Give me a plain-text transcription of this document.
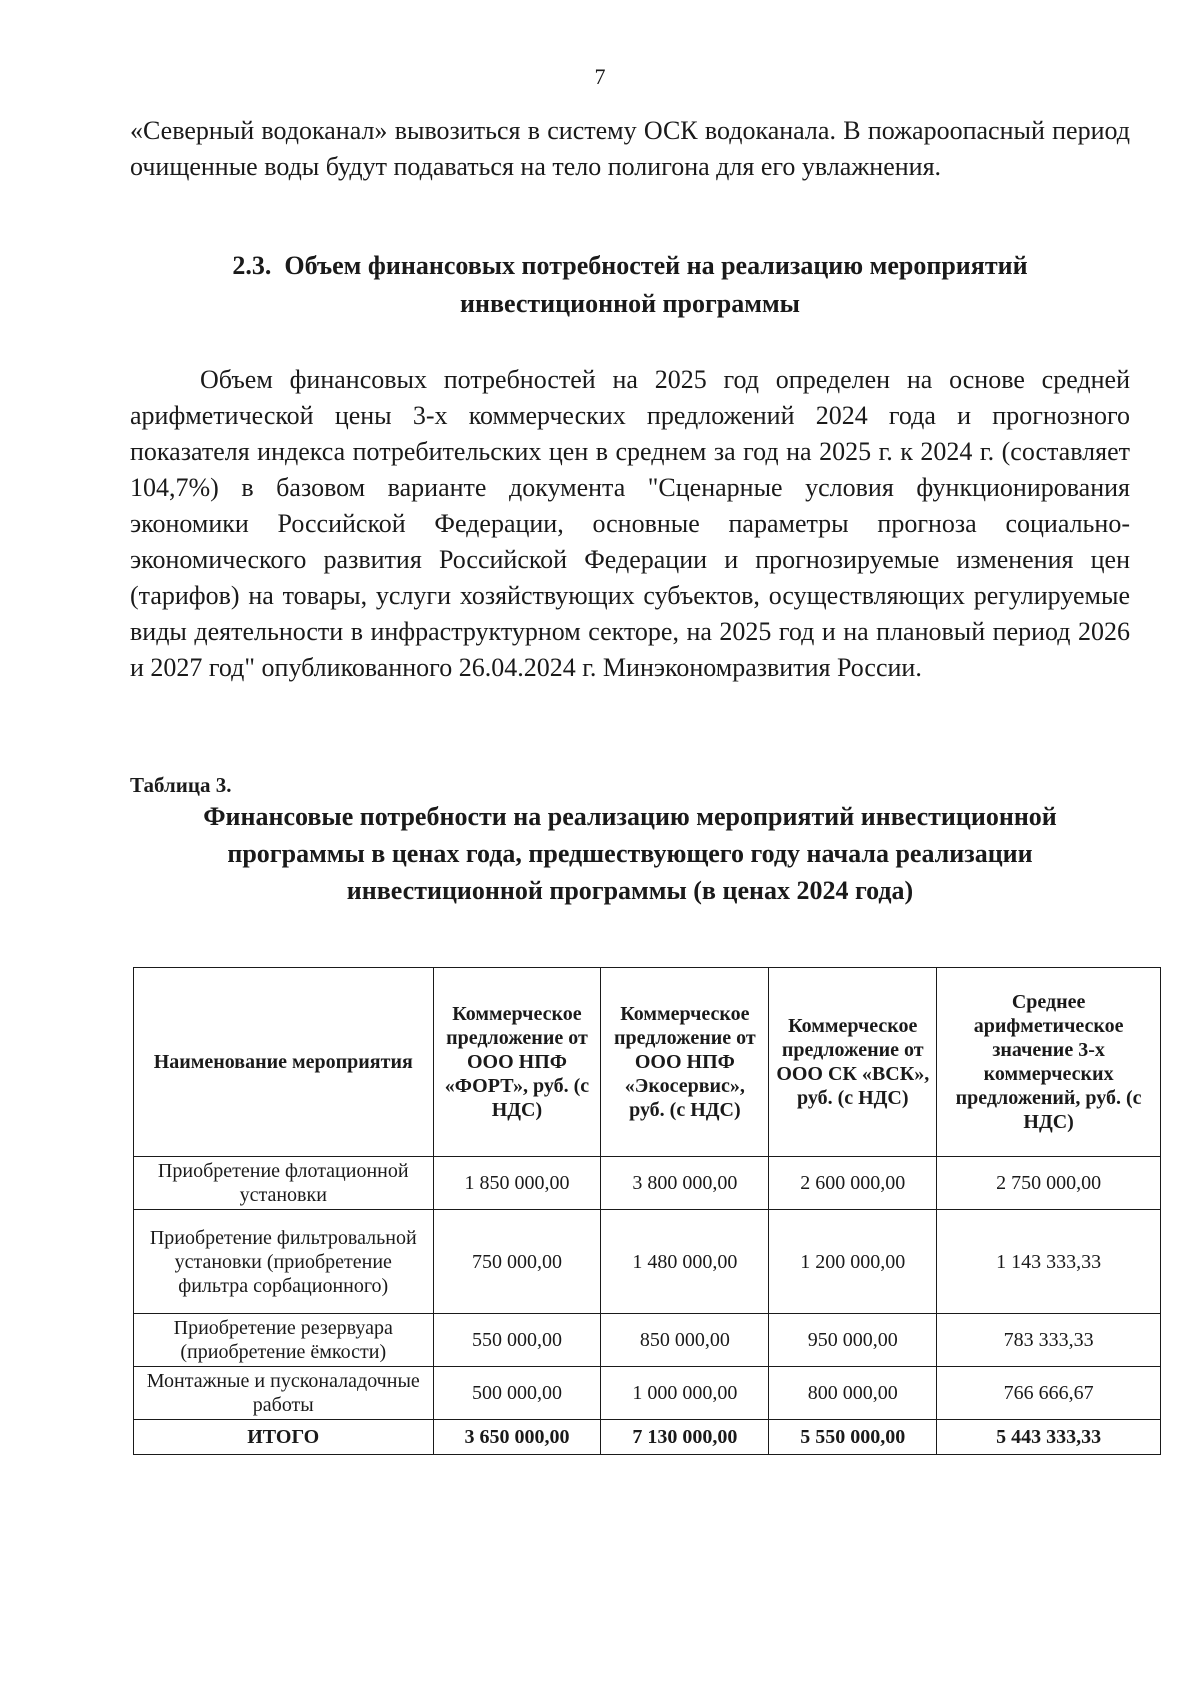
7
«Северный водоканал» вывозиться в систему ОСК водоканала. В пожароопасный период очищенные воды будут подаваться на тело полигона для его увлажнения.
2.3. Объем финансовых потребностей на реализацию мероприятий
инвестиционной программы
Объем финансовых потребностей на 2025 год определен на основе средней арифметической цены 3-х коммерческих предложений 2024 года и прогнозного показателя индекса потребительских цен в среднем за год на 2025 г. к 2024 г. (составляет 104,7%) в базовом варианте документа "Сценарные условия функционирования экономики Российской Федерации, основные параметры прогноза социально-экономического развития Российской Федерации и прогнозируемые изменения цен (тарифов) на товары, услуги хозяйствующих субъектов, осуществляющих регулируемые виды деятельности в инфраструктурном секторе, на 2025 год и на плановый период 2026 и 2027 год" опубликованного 26.04.2024 г. Минэкономразвития России.
Таблица 3.
Финансовые потребности на реализацию мероприятий инвестиционной
программы в ценах года, предшествующего году начала реализации
инвестиционной программы (в ценах 2024 года)
Наименование мероприятия	Коммерческое предложение от ООО НПФ «ФОРТ», руб. (с НДС)	Коммерческое предложение от ООО НПФ «Экосервис», руб. (с НДС)	Коммерческое предложение от ООО СК «ВСК», руб. (с НДС)	Среднее арифметическое значение 3-х коммерческих предложений, руб. (с НДС)
Приобретение флотационной установки	1 850 000,00	3 800 000,00	2 600 000,00	2 750 000,00
Приобретение фильтровальной установки (приобретение фильтра сорбационного)	750 000,00	1 480 000,00	1 200 000,00	1 143 333,33
Приобретение резервуара (приобретение ёмкости)	550 000,00	850 000,00	950 000,00	783 333,33
Монтажные и пусконаладочные работы	500 000,00	1 000 000,00	800 000,00	766 666,67
ИТОГО	3 650 000,00	7 130 000,00	5 550 000,00	5 443 333,33
